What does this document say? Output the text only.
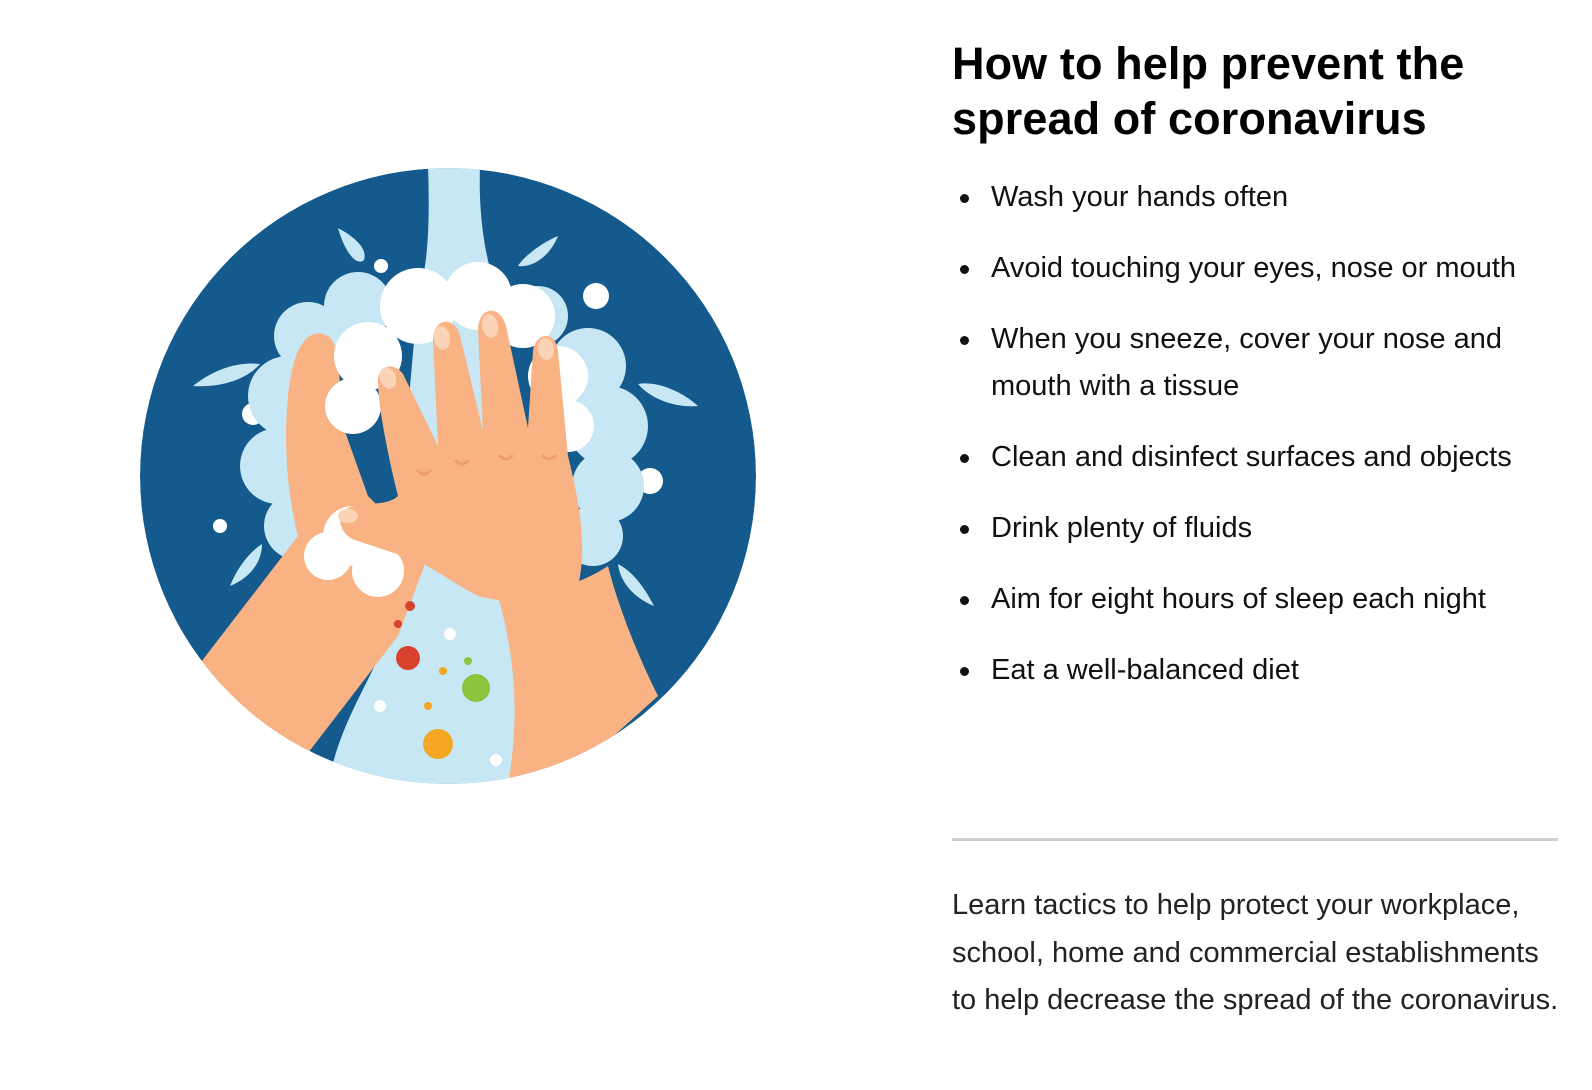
How to help prevent the spread of coronavirus
Wash your hands often
Avoid touching your eyes, nose or mouth
When you sneeze, cover your nose and mouth with a tissue
Clean and disinfect surfaces and objects
Drink plenty of fluids
Aim for eight hours of sleep each night
Eat a well-balanced diet

Learn tactics to help protect your workplace, school, home and commercial establishments to help decrease the spread of the coronavirus.
